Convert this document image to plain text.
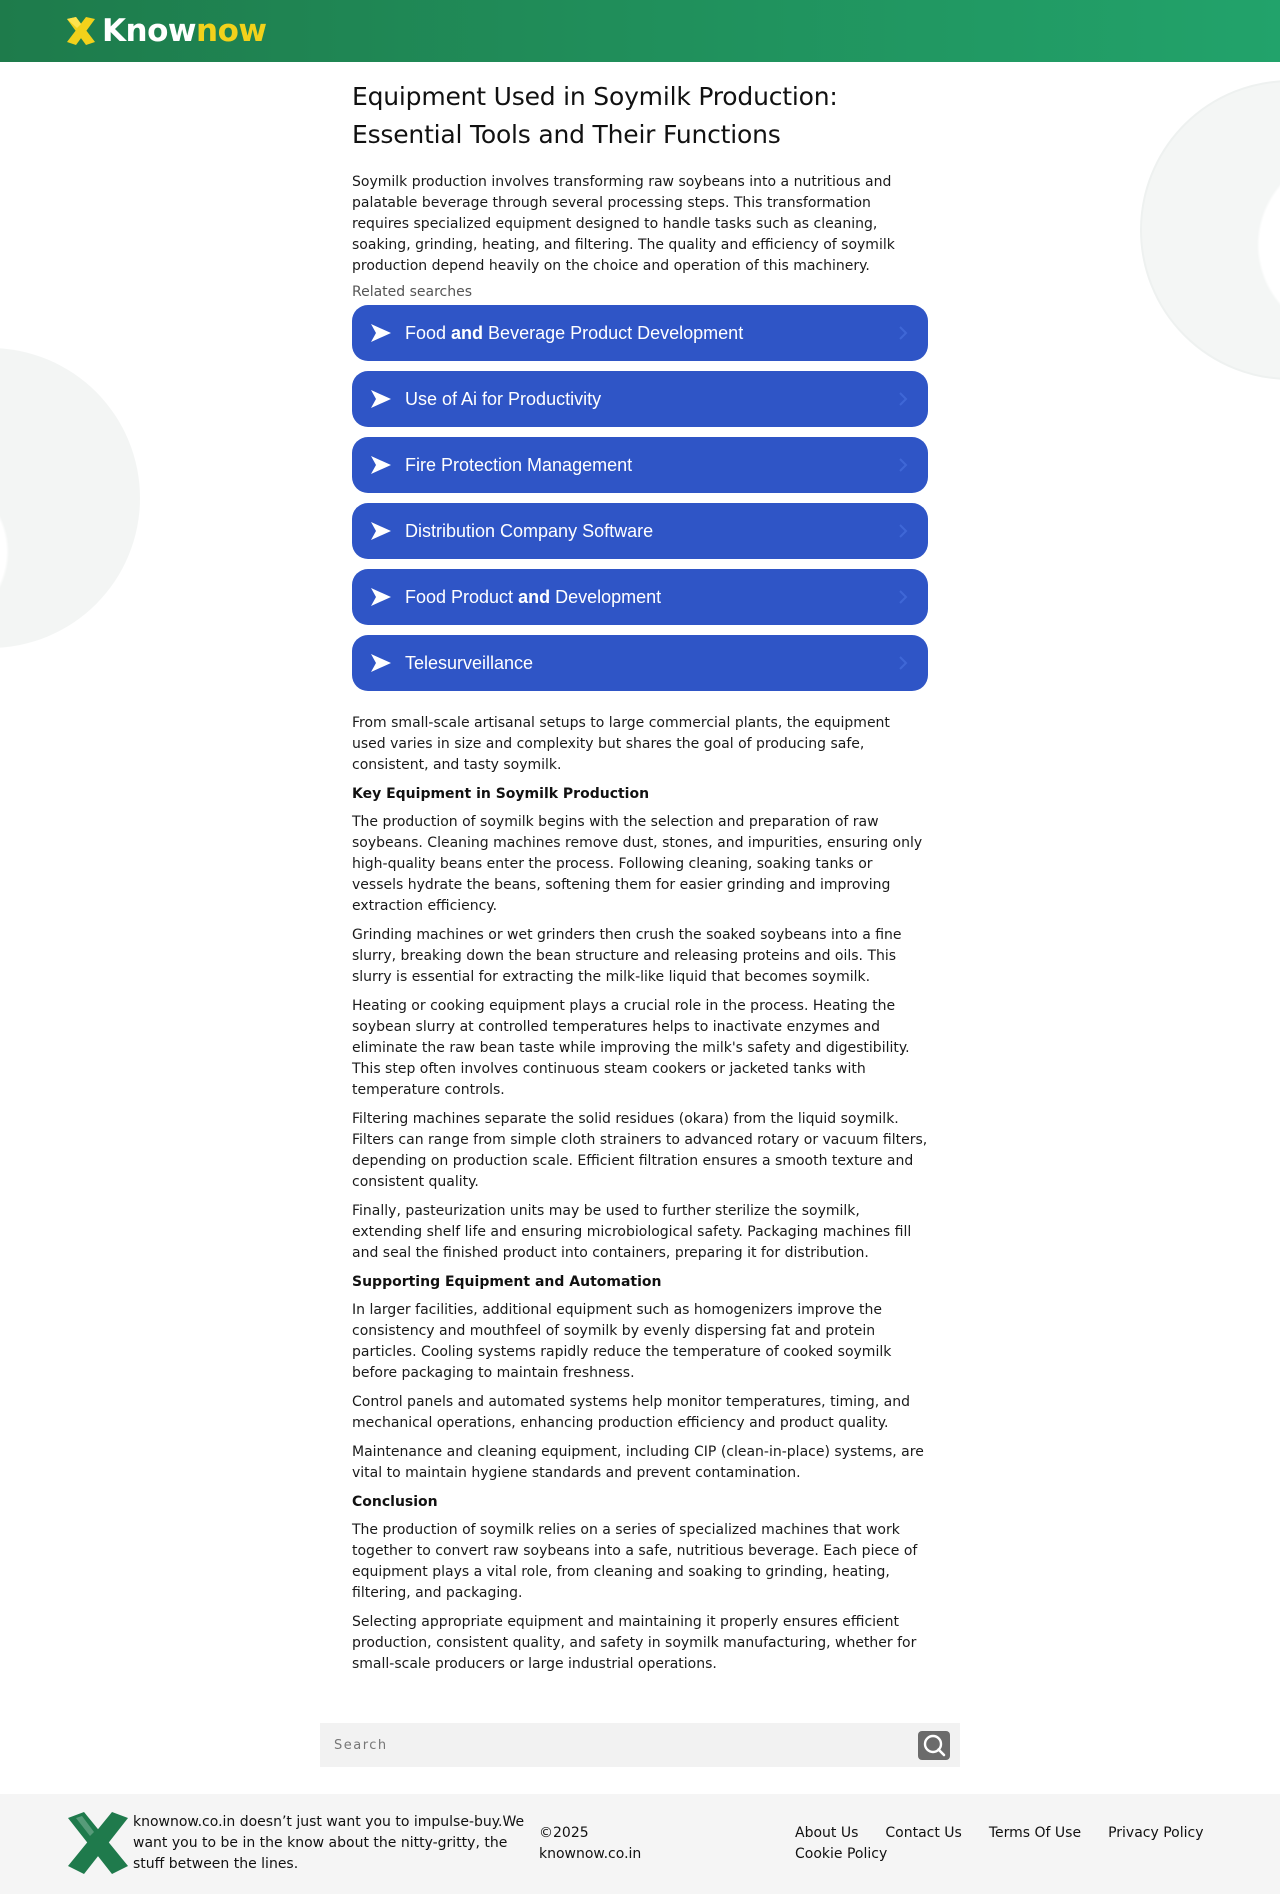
Knownow
Equipment Used in Soymilk Production:
Essential Tools and Their Functions

Soymilk production involves transforming raw soybeans into a nutritious and palatable beverage through several processing steps. This transformation requires specialized equipment designed to handle tasks such as cleaning, soaking, grinding, heating, and filtering. The quality and efficiency of soymilk production depend heavily on the choice and operation of this machinery.

Related searches
Food and Beverage Product Development
Use of Ai for Productivity
Fire Protection Management
Distribution Company Software
Food Product and Development
Telesurveillance

From small-scale artisanal setups to large commercial plants, the equipment used varies in size and complexity but shares the goal of producing safe, consistent, and tasty soymilk.

Key Equipment in Soymilk Production

The production of soymilk begins with the selection and preparation of raw soybeans. Cleaning machines remove dust, stones, and impurities, ensuring only high-quality beans enter the process. Following cleaning, soaking tanks or vessels hydrate the beans, softening them for easier grinding and improving extraction efficiency.

Grinding machines or wet grinders then crush the soaked soybeans into a fine slurry, breaking down the bean structure and releasing proteins and oils. This slurry is essential for extracting the milk-like liquid that becomes soymilk.

Heating or cooking equipment plays a crucial role in the process. Heating the soybean slurry at controlled temperatures helps to inactivate enzymes and eliminate the raw bean taste while improving the milk's safety and digestibility. This step often involves continuous steam cookers or jacketed tanks with temperature controls.

Filtering machines separate the solid residues (okara) from the liquid soymilk. Filters can range from simple cloth strainers to advanced rotary or vacuum filters, depending on production scale. Efficient filtration ensures a smooth texture and consistent quality.

Finally, pasteurization units may be used to further sterilize the soymilk, extending shelf life and ensuring microbiological safety. Packaging machines fill and seal the finished product into containers, preparing it for distribution.

Supporting Equipment and Automation

In larger facilities, additional equipment such as homogenizers improve the consistency and mouthfeel of soymilk by evenly dispersing fat and protein particles. Cooling systems rapidly reduce the temperature of cooked soymilk before packaging to maintain freshness.

Control panels and automated systems help monitor temperatures, timing, and mechanical operations, enhancing production efficiency and product quality.

Maintenance and cleaning equipment, including CIP (clean-in-place) systems, are vital to maintain hygiene standards and prevent contamination.

Conclusion

The production of soymilk relies on a series of specialized machines that work together to convert raw soybeans into a safe, nutritious beverage. Each piece of equipment plays a vital role, from cleaning and soaking to grinding, heating, filtering, and packaging.

Selecting appropriate equipment and maintaining it properly ensures efficient production, consistent quality, and safety in soymilk manufacturing, whether for small-scale producers or large industrial operations.

Search
knownow.co.in doesn’t just want you to impulse-buy.We want you to be in the know about the nitty-gritty, the stuff between the lines.
©2025
knownow.co.in
About Us Contact Us Terms Of Use Privacy Policy
Cookie Policy
